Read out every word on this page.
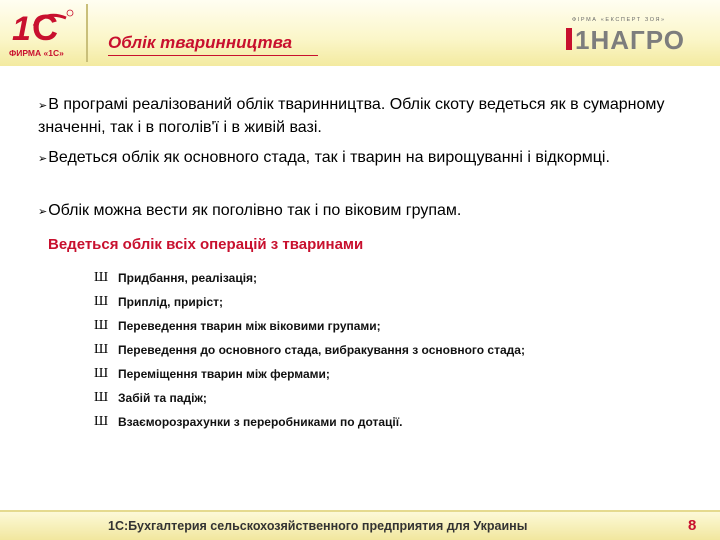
1 C
ФИРМА «1С»
Облік тваринництва
ФІРМА «ЕКСПЕРТ ЗОЯ»
1НАГРО
➢В програмі реалізований облік тваринництва. Облік скоту ведеться як в сумарному значенні, так і в поголів'ї і в живій вазі.
➢Ведеться облік як основного стада, так і тварин на вирощуванні і відкормці.
➢Облік можна вести як поголівно так і по віковим групам.
Ведеться облік всіх операцій з тваринами
Ш Придбання, реалізація;
Ш Приплід, приріст;
Ш Переведення тварин між віковими групами;
Ш Переведення до основного стада, вибракування з основного стада;
Ш Переміщення тварин між фермами;
Ш Забій та падіж;
Ш Взаєморозрахунки з переробниками по дотації.
1С:Бухгалтерия сельскохозяйственного предприятия для Украины	8
